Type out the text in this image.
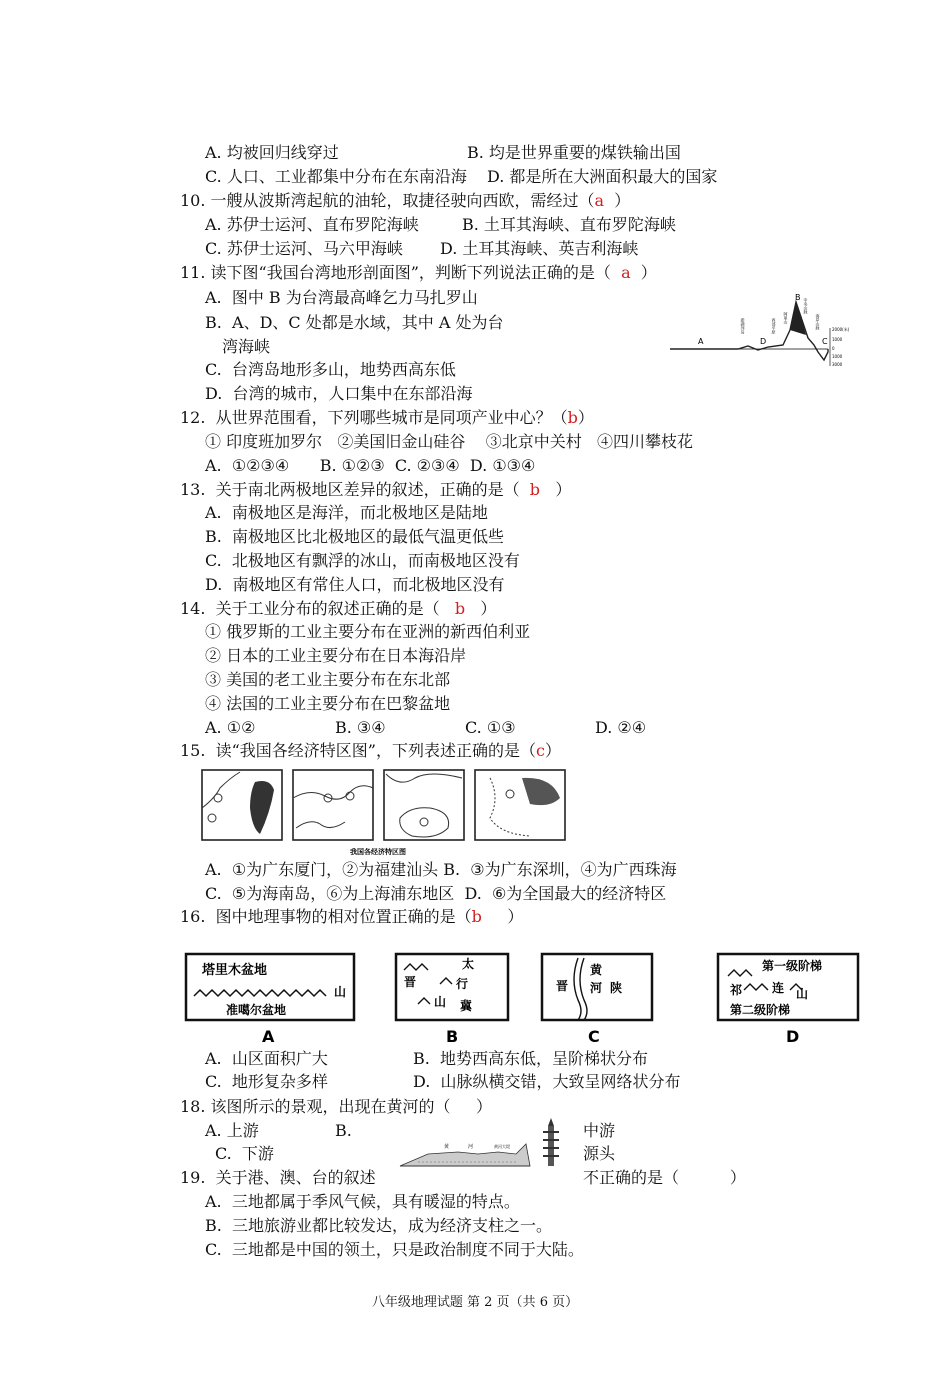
A. 均被回归线穿过	B. 均是世界重要的煤铁输出国
C. 人口、工业都集中分布在东南沿海 D. 都是所在大洲面积最大的国家
10. 一艘从波斯湾起航的油轮，取捷径驶向西欧，需经过（a ）
A. 苏伊士运河、直布罗陀海峡	B. 土耳其海峡、直布罗陀海峡
C. 苏伊士运河、马六甲海峡 D. 土耳其海峡、英吉利海峡
11. 读下图“我国台湾地形剖面图”，判断下列说法正确的是（ a ）
A.  图中 B 为台湾最高峰乞力马扎罗山
B.  A、D、C 处都是水域，其中 A 处为台
湾海峡
C.  台湾岛地形多山，地势西高东低
D.  台湾的城市，人口集中在东部沿海
A	D
B
C
澎湖列岛	西部平原 阿里山
中央山脉
海岸山脉	2000(米)
1000
0
1000
3000
12.  从世界范围看，下列哪些城市是同项产业中心？（b）
① 印度班加罗尔   ②美国旧金山硅谷    ③北京中关村   ④四川攀枝花
A.  ①②③④      B. ①②③  C. ②③④  D. ①③④
13.  关于南北两极地区差异的叙述，正确的是（ b ）
A.  南极地区是海洋，而北极地区是陆地
B.  南极地区比北极地区的最低气温更低些
C.  北极地区有飘浮的冰山，而南极地区没有
D.  南极地区有常住人口，而北极地区没有
14.  关于工业分布的叙述正确的是（ b ）
① 俄罗斯的工业主要分布在亚洲的新西伯利亚
② 日本的工业主要分布在日本海沿岸
③ 美国的老工业主要分布在东北部
④ 法国的工业主要分布在巴黎盆地
A. ①②	B. ③④	C. ①③	D. ②④
15.  读“我国各经济特区图”，下列表述正确的是（c）
我国各经济特区图
A.  ①为广东厦门，②为福建汕头 B.  ③为广东深圳，④为广西珠海
C.  ⑤为海南岛，⑥为上海浦东地区  D.  ⑥为全国最大的经济特区
16.  图中地理事物的相对位置正确的是（b ）
塔里木盆地
山
准噶尔盆地
A
太
晋	行
山 冀
B
晋
黄
河 陕
C
第一级阶梯
祁 连 山
第二级阶梯
D
A.  山区面积广大	B.  地势西高东低，呈阶梯状分布
C.  地形复杂多样	D.  山脉纵横交错，大致呈网络状分布
18. 该图所示的景观，出现在黄河的（     ）
A. 上游	B.	中游
C.  下游	源头
黄	河	黄河大堤
19.  关于港、澳、台的叙述	不正确的是（          ）
A.  三地都属于季风气候，具有暖湿的特点。
B.  三地旅游业都比较发达，成为经济支柱之一。
C.  三地都是中国的领土，只是政治制度不同于大陆。
八年级地理试题 第 2 页（共 6 页）
